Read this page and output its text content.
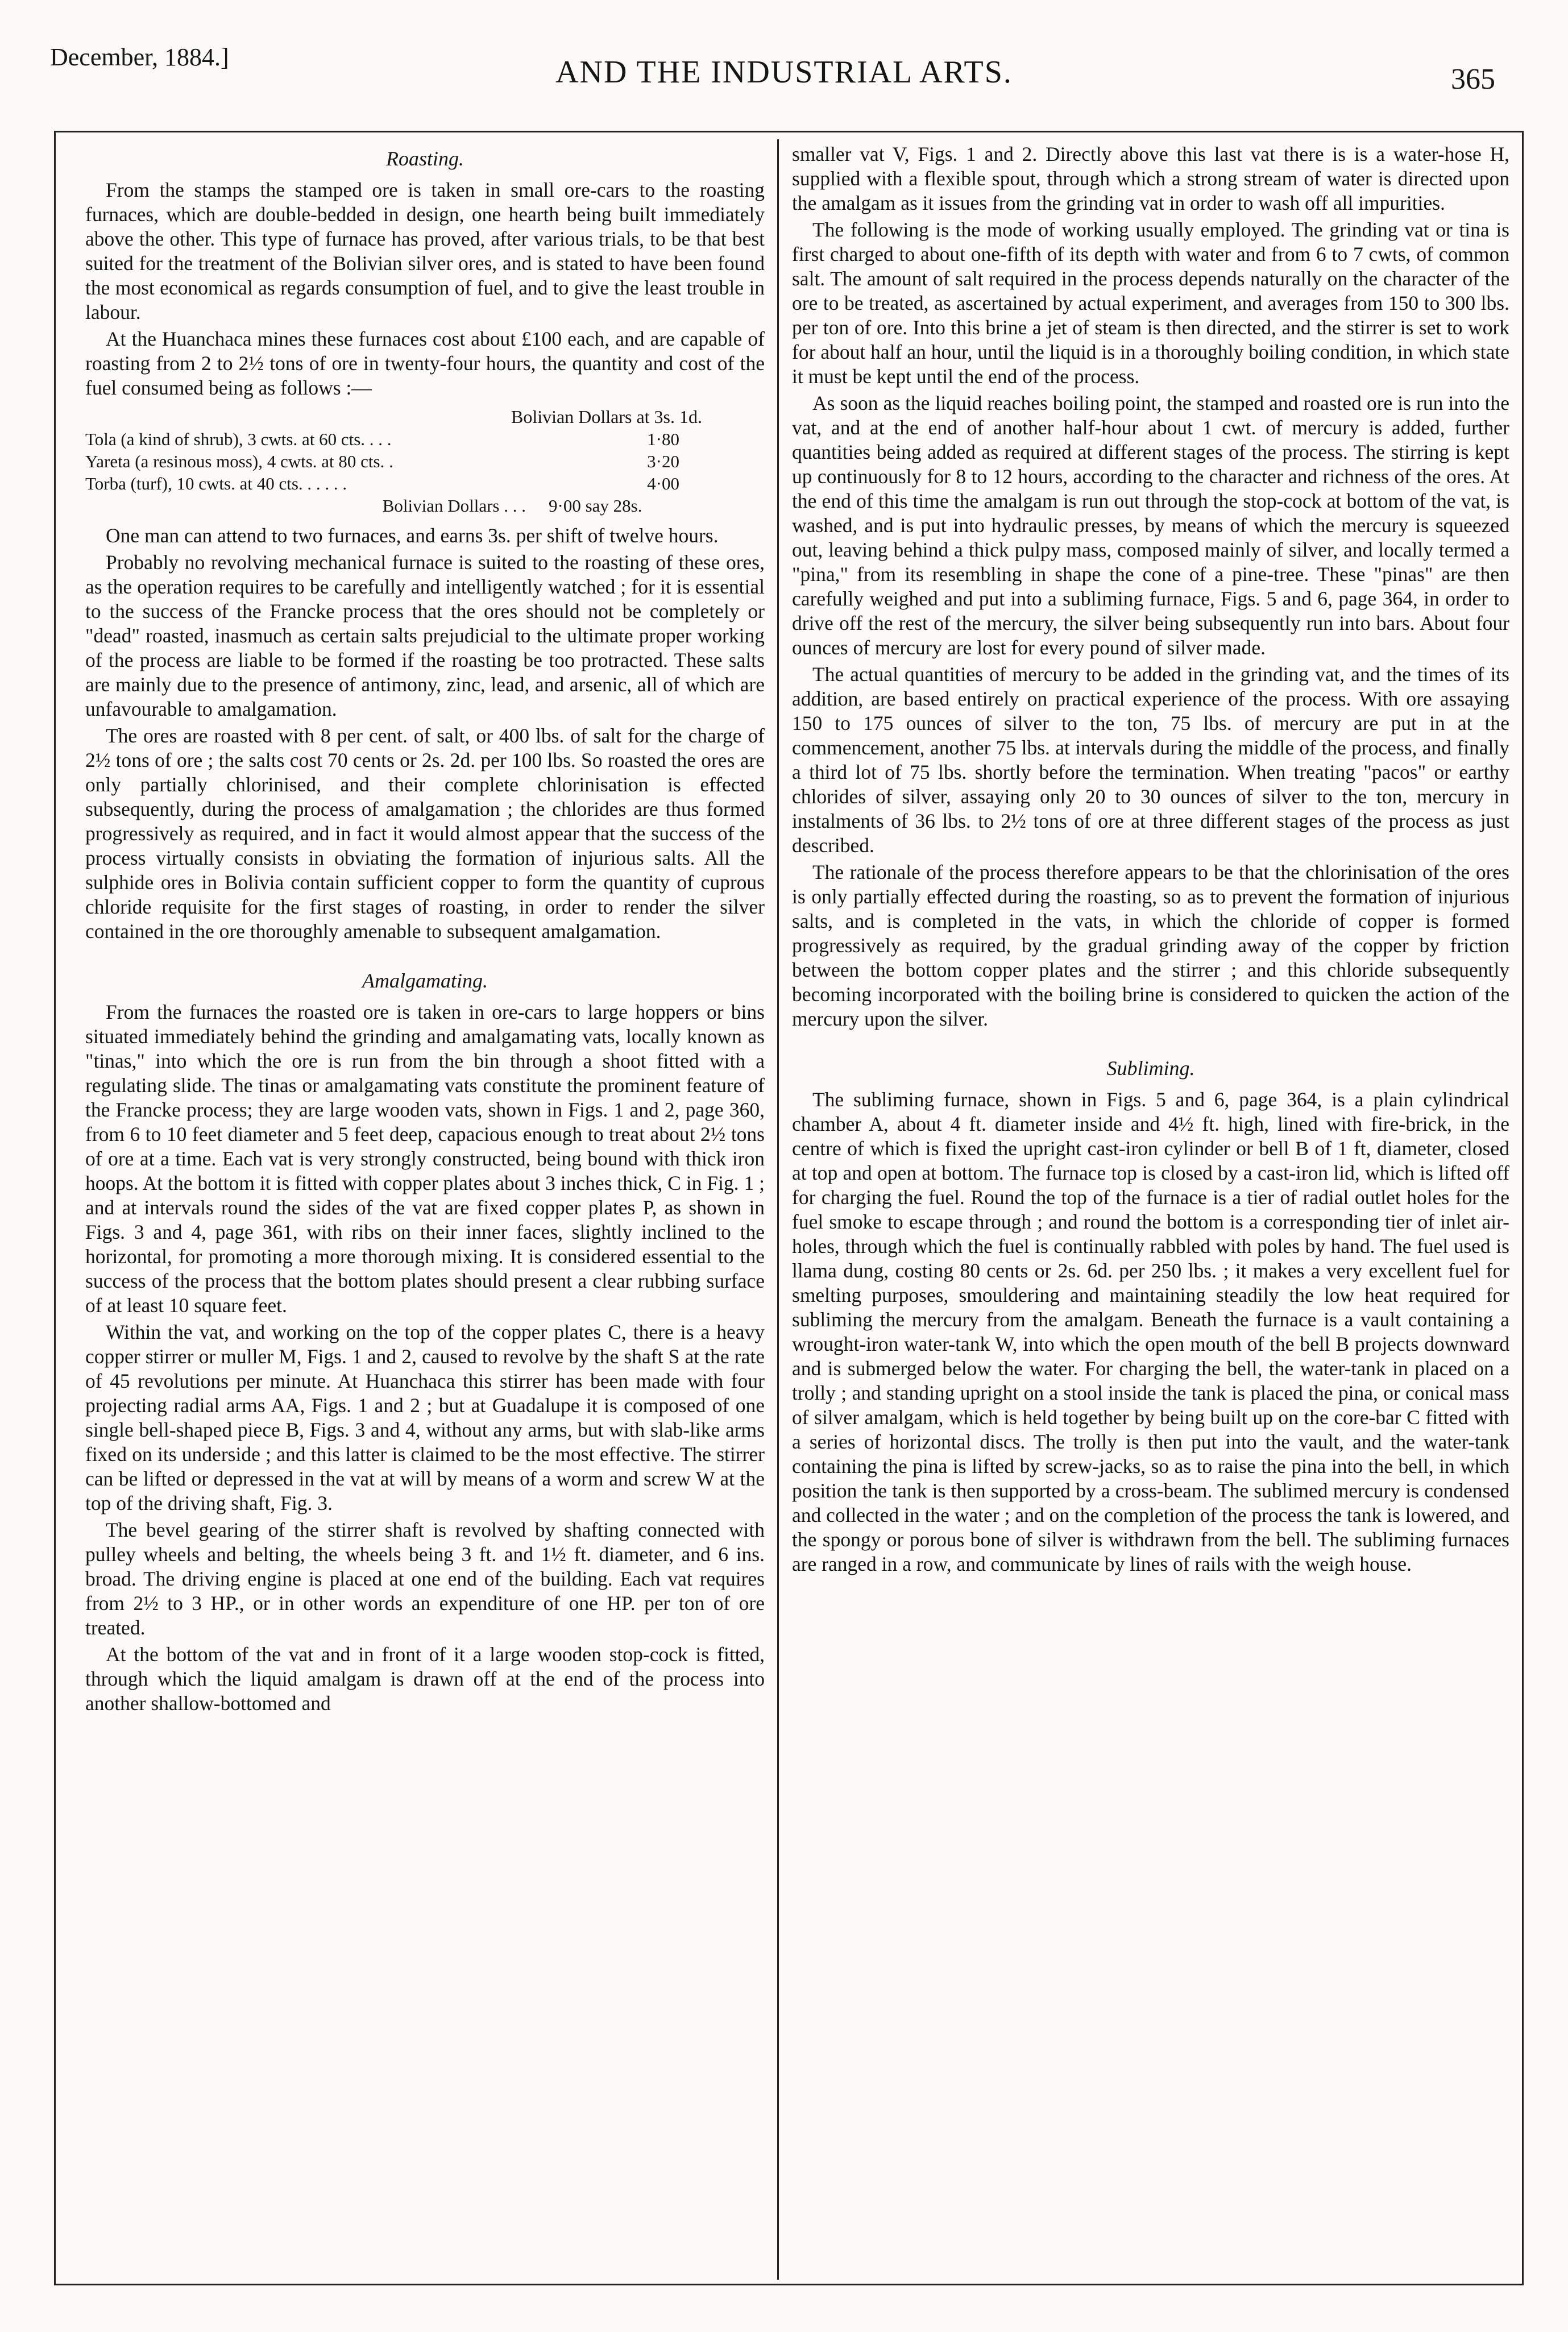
December, 1884.]	AND THE INDUSTRIAL ARTS.	365

Roasting.

From the stamps the stamped ore is taken in small ore-cars to the roasting furnaces, which are double-bedded in design, one hearth being built immediately above the other. This type of furnace has proved, after various trials, to be that best suited for the treatment of the Bolivian silver ores, and is stated to have been found the most economical as regards consumption of fuel, and to give the least trouble in labour.

At the Huanchaca mines these furnaces cost about £100 each, and are capable of roasting from 2 to 2½ tons of ore in twenty-four hours, the quantity and cost of the fuel consumed being as follows :—

Bolivian Dollars at 3s. 1d.	
Tola (a kind of shrub), 3 cwts. at 60 cts. . . .	1·80
Yareta (a resinous moss), 4 cwts. at 80 cts. .	3·20
Torba (turf), 10 cwts. at 40 cts. . . . . .	4·00
Bolivian Dollars . . .	9·00 say 28s.

One man can attend to two furnaces, and earns 3s. per shift of twelve hours.

Probably no revolving mechanical furnace is suited to the roasting of these ores, as the operation requires to be carefully and intelligently watched ; for it is essential to the success of the Francke process that the ores should not be completely or "dead" roasted, inasmuch as certain salts prejudicial to the ultimate proper working of the process are liable to be formed if the roasting be too protracted. These salts are mainly due to the presence of antimony, zinc, lead, and arsenic, all of which are unfavourable to amalgamation.

The ores are roasted with 8 per cent. of salt, or 400 lbs. of salt for the charge of 2½ tons of ore ; the salts cost 70 cents or 2s. 2d. per 100 lbs. So roasted the ores are only partially chlorinised, and their complete chlorinisation is effected subsequently, during the process of amalgamation ; the chlorides are thus formed progressively as required, and in fact it would almost appear that the success of the process virtually consists in obviating the formation of injurious salts. All the sulphide ores in Bolivia contain sufficient copper to form the quantity of cuprous chloride requisite for the first stages of roasting, in order to render the silver contained in the ore thoroughly amenable to subsequent amalgamation.

Amalgamating.

From the furnaces the roasted ore is taken in ore-cars to large hoppers or bins situated immediately behind the grinding and amalgamating vats, locally known as "tinas," into which the ore is run from the bin through a shoot fitted with a regulating slide. The tinas or amalgamating vats constitute the prominent feature of the Francke process; they are large wooden vats, shown in Figs. 1 and 2, page 360, from 6 to 10 feet diameter and 5 feet deep, capacious enough to treat about 2½ tons of ore at a time. Each vat is very strongly constructed, being bound with thick iron hoops. At the bottom it is fitted with copper plates about 3 inches thick, C in Fig. 1 ; and at intervals round the sides of the vat are fixed copper plates P, as shown in Figs. 3 and 4, page 361, with ribs on their inner faces, slightly inclined to the horizontal, for promoting a more thorough mixing. It is considered essential to the success of the process that the bottom plates should present a clear rubbing surface of at least 10 square feet.

Within the vat, and working on the top of the copper plates C, there is a heavy copper stirrer or muller M, Figs. 1 and 2, caused to revolve by the shaft S at the rate of 45 revolutions per minute. At Huanchaca this stirrer has been made with four projecting radial arms AA, Figs. 1 and 2 ; but at Guadalupe it is composed of one single bell-shaped piece B, Figs. 3 and 4, without any arms, but with slab-like arms fixed on its underside ; and this latter is claimed to be the most effective. The stirrer can be lifted or depressed in the vat at will by means of a worm and screw W at the top of the driving shaft, Fig. 3.

The bevel gearing of the stirrer shaft is revolved by shafting connected with pulley wheels and belting, the wheels being 3 ft. and 1½ ft. diameter, and 6 ins. broad. The driving engine is placed at one end of the building. Each vat requires from 2½ to 3 HP., or in other words an expenditure of one HP. per ton of ore treated.

At the bottom of the vat and in front of it a large wooden stop-cock is fitted, through which the liquid amalgam is drawn off at the end of the process into another shallow-bottomed and

smaller vat V, Figs. 1 and 2. Directly above this last vat there is is a water-hose H, supplied with a flexible spout, through which a strong stream of water is directed upon the amalgam as it issues from the grinding vat in order to wash off all impurities.

The following is the mode of working usually employed. The grinding vat or tina is first charged to about one-fifth of its depth with water and from 6 to 7 cwts, of common salt. The amount of salt required in the process depends naturally on the character of the ore to be treated, as ascertained by actual experiment, and averages from 150 to 300 lbs. per ton of ore. Into this brine a jet of steam is then directed, and the stirrer is set to work for about half an hour, until the liquid is in a thoroughly boiling condition, in which state it must be kept until the end of the process.

As soon as the liquid reaches boiling point, the stamped and roasted ore is run into the vat, and at the end of another half-hour about 1 cwt. of mercury is added, further quantities being added as required at different stages of the process. The stirring is kept up continuously for 8 to 12 hours, according to the character and richness of the ores. At the end of this time the amalgam is run out through the stop-cock at bottom of the vat, is washed, and is put into hydraulic presses, by means of which the mercury is squeezed out, leaving behind a thick pulpy mass, composed mainly of silver, and locally termed a "pina," from its resembling in shape the cone of a pine-tree. These "pinas" are then carefully weighed and put into a subliming furnace, Figs. 5 and 6, page 364, in order to drive off the rest of the mercury, the silver being subsequently run into bars. About four ounces of mercury are lost for every pound of silver made.

The actual quantities of mercury to be added in the grinding vat, and the times of its addition, are based entirely on practical experience of the process. With ore assaying 150 to 175 ounces of silver to the ton, 75 lbs. of mercury are put in at the commencement, another 75 lbs. at intervals during the middle of the process, and finally a third lot of 75 lbs. shortly before the termination. When treating "pacos" or earthy chlorides of silver, assaying only 20 to 30 ounces of silver to the ton, mercury in instalments of 36 lbs. to 2½ tons of ore at three different stages of the process as just described.

The rationale of the process therefore appears to be that the chlorinisation of the ores is only partially effected during the roasting, so as to prevent the formation of injurious salts, and is completed in the vats, in which the chloride of copper is formed progressively as required, by the gradual grinding away of the copper by friction between the bottom copper plates and the stirrer ; and this chloride subsequently becoming incorporated with the boiling brine is considered to quicken the action of the mercury upon the silver.

Subliming.

The subliming furnace, shown in Figs. 5 and 6, page 364, is a plain cylindrical chamber A, about 4 ft. diameter inside and 4½ ft. high, lined with fire-brick, in the centre of which is fixed the upright cast-iron cylinder or bell B of 1 ft, diameter, closed at top and open at bottom. The furnace top is closed by a cast-iron lid, which is lifted off for charging the fuel. Round the top of the furnace is a tier of radial outlet holes for the fuel smoke to escape through ; and round the bottom is a corresponding tier of inlet air-holes, through which the fuel is continually rabbled with poles by hand. The fuel used is llama dung, costing 80 cents or 2s. 6d. per 250 lbs. ; it makes a very excellent fuel for smelting purposes, smouldering and maintaining steadily the low heat required for subliming the mercury from the amalgam. Beneath the furnace is a vault containing a wrought-iron water-tank W, into which the open mouth of the bell B projects downward and is submerged below the water. For charging the bell, the water-tank in placed on a trolly ; and standing upright on a stool inside the tank is placed the pina, or conical mass of silver amalgam, which is held together by being built up on the core-bar C fitted with a series of horizontal discs. The trolly is then put into the vault, and the water-tank containing the pina is lifted by screw-jacks, so as to raise the pina into the bell, in which position the tank is then supported by a cross-beam. The sublimed mercury is condensed and collected in the water ; and on the completion of the process the tank is lowered, and the spongy or porous bone of silver is withdrawn from the bell. The subliming furnaces are ranged in a row, and communicate by lines of rails with the weigh house.
